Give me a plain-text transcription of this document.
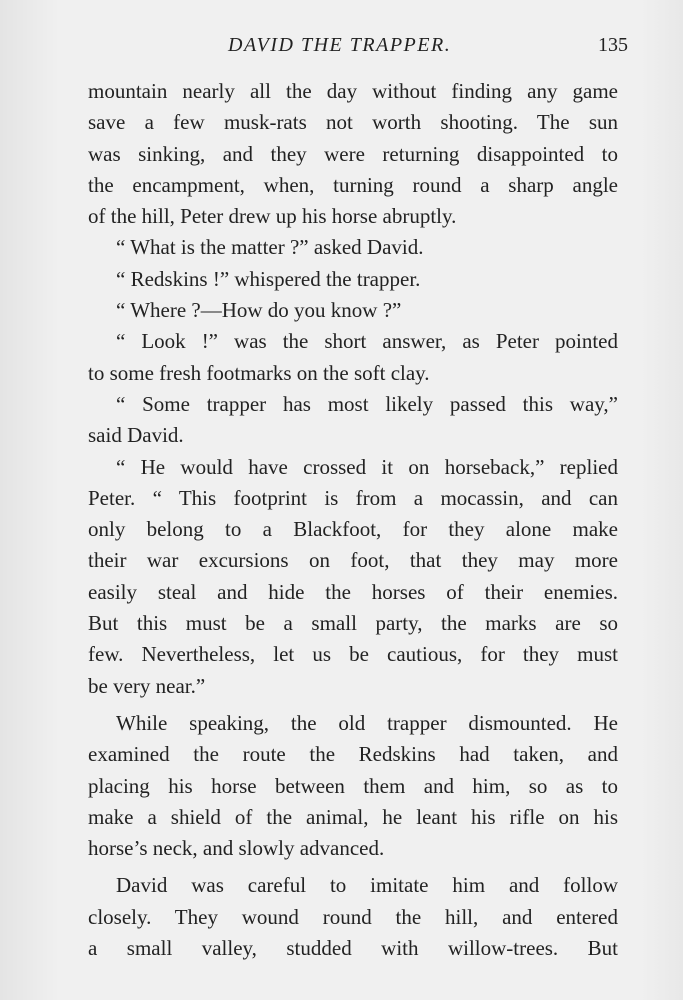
DAVID THE TRAPPER.	135

mountain nearly all the day without finding any game
save a few musk-rats not worth shooting. The sun
was sinking, and they were returning disappointed to
the encampment, when, turning round a sharp angle
of the hill, Peter drew up his horse abruptly.

“ What is the matter ?” asked David.

“ Redskins !” whispered the trapper.

“ Where ?—How do you know ?”

“ Look !” was the short answer, as Peter pointed
to some fresh footmarks on the soft clay.

“ Some trapper has most likely passed this way,”
said David.

“ He would have crossed it on horseback,” replied
Peter. “ This footprint is from a mocassin, and can
only belong to a Blackfoot, for they alone make
their war excursions on foot, that they may more
easily steal and hide the horses of their enemies.
But this must be a small party, the marks are so
few. Nevertheless, let us be cautious, for they must
be very near.”

While speaking, the old trapper dismounted. He
examined the route the Redskins had taken, and
placing his horse between them and him, so as to
make a shield of the animal, he leant his rifle on his
horse’s neck, and slowly advanced.

David was careful to imitate him and follow
closely. They wound round the hill, and entered
a small valley, studded with willow-trees. But
